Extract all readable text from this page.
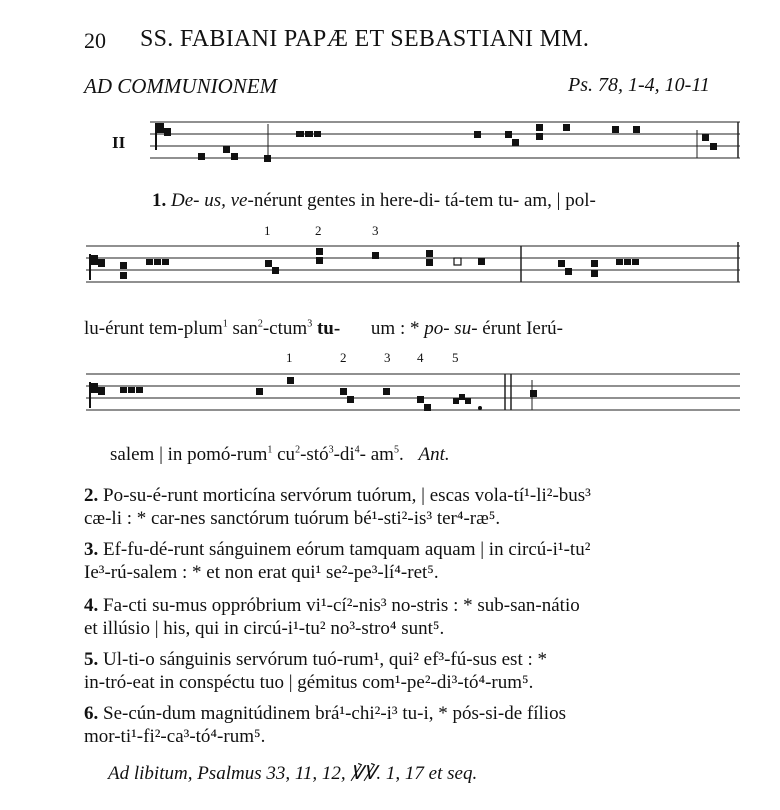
20 SS. FABIANI PAPÆ ET SEBASTIANI MM.
AD COMMUNIONEM	Ps. 78, 1-4, 10-11
II
1. De- us, ve-nérunt gentes in here-di- tá-tem tu- am, | pol-
1	2	3
lu-érunt tem-plum$^1$ san$^2$-ctum$^3$ tu- um : * po- su- érunt Ierú-
1	2	3 4 5
salem | in pomó-rum$^1$ $cu^2-stó^3-di^4-$ $am^5$. Ant.
2. Po-su-é-runt morticína servórum tuórum, | escas vola-tí¹-li²-bus³
cæ-li : * car-nes sanctórum tuórum bé¹-sti²-is³ ter⁴-ræ⁵.
3. Ef-fu-dé-runt sánguinem eórum tamquam aquam | in circú-i¹-tu²
Ie³-rú-salem : * et non erat qui¹ se²-pe³-lí⁴-ret⁵.
4. Fa-cti su-mus oppróbrium vi¹-cí²-nis³ no-stris : * sub-san-nátio
et illúsio | his, qui in circú-i¹-tu² no³-stro⁴ sunt⁵.
5. Ul-ti-o sánguinis servórum tuó-rum¹, qui² ef³-fú-sus est : *
in-tró-eat in conspéctu tuo | gémitus com¹-pe²-di³-tó⁴-rum⁵.
6. Se-cún-dum magnitúdinem brá¹-chi²-i³ tu-i, * pós-si-de fílios
mor-ti¹-fi²-ca³-tó⁴-rum⁵.
Ad libitum, Psalmus 33, 11, 12, ℣℣. 1, 17 et seq.
